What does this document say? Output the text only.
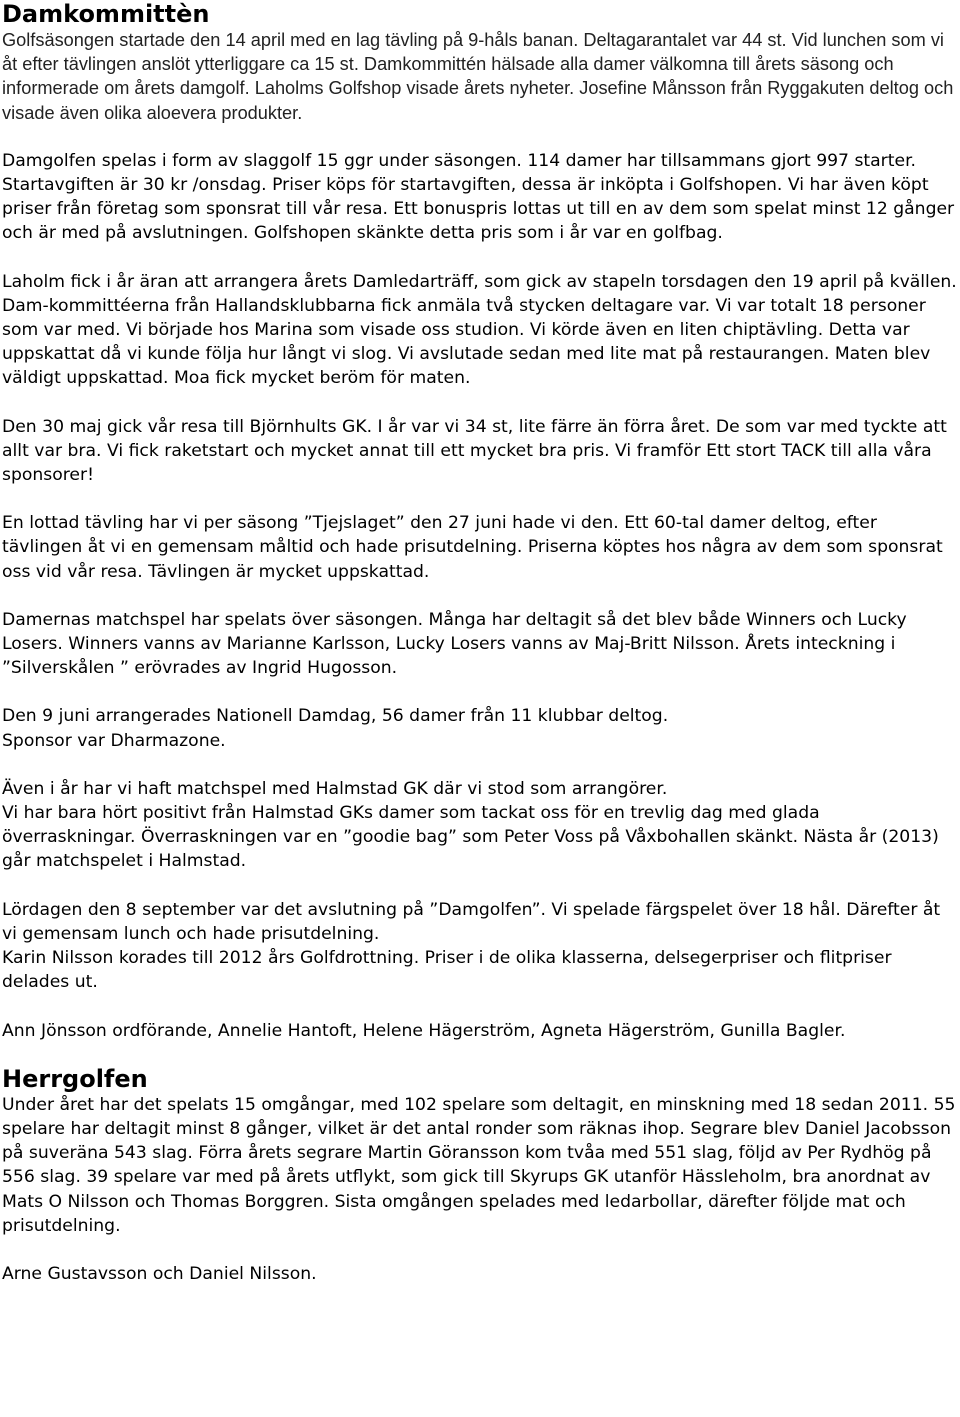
Damkommittèn

Golfsäsongen startade den 14 april med en lag tävling på 9-håls banan. Deltagarantalet var 44 st. Vid lunchen som vi åt efter tävlingen anslöt ytterliggare ca 15 st. Damkommittén hälsade alla damer välkomna till årets säsong och informerade om årets damgolf. Laholms Golfshop visade årets nyheter. Josefine Månsson från Ryggakuten deltog och visade även olika aloevera produkter.

Damgolfen spelas i form av slaggolf 15 ggr under säsongen. 114 damer har tillsammans gjort 997 starter. Startavgiften är 30 kr /onsdag. Priser köps för startavgiften, dessa är inköpta i Golfshopen. Vi har även köpt priser från företag som sponsrat till vår resa. Ett bonuspris lottas ut till en av dem som spelat minst 12 gånger och är med på avslutningen. Golfshopen skänkte detta pris som i år var en golfbag.

Laholm fick i år äran att arrangera årets Damledarträff, som gick av stapeln torsdagen den 19 april på kvällen. Dam-kommittéerna från Hallandsklubbarna fick anmäla två stycken deltagare var. Vi var totalt 18 personer som var med. Vi började hos Marina som visade oss studion. Vi körde även en liten chiptävling. Detta var uppskattat då vi kunde följa hur långt vi slog. Vi avslutade sedan med lite mat på restaurangen. Maten blev väldigt uppskattad. Moa fick mycket beröm för maten.

Den 30 maj gick vår resa till Björnhults GK. I år var vi 34 st, lite färre än förra året. De som var med tyckte att allt var bra. Vi fick raketstart och mycket annat till ett mycket bra pris. Vi framför Ett stort TACK till alla våra sponsorer!

En lottad tävling har vi per säsong ”Tjejslaget” den 27 juni hade vi den. Ett 60-tal damer deltog, efter tävlingen åt vi en gemensam måltid och hade prisutdelning. Priserna köptes hos några av dem som sponsrat oss vid vår resa. Tävlingen är mycket uppskattad.

Damernas matchspel har spelats över säsongen. Många har deltagit så det blev både Winners och Lucky Losers. Winners vanns av Marianne Karlsson, Lucky Losers vanns av Maj-Britt Nilsson. Årets inteckning i ”Silverskålen ” erövrades av Ingrid Hugosson.

Den 9 juni arrangerades Nationell Damdag, 56 damer från 11 klubbar deltog.
Sponsor var Dharmazone.

Även i år har vi haft matchspel med Halmstad GK där vi stod som arrangörer.
Vi har bara hört positivt från Halmstad GKs damer som tackat oss för en trevlig dag med glada överraskningar. Överraskningen var en ”goodie bag” som Peter Voss på Våxbohallen skänkt. Nästa år (2013) går matchspelet i Halmstad.

Lördagen den 8 september var det avslutning på ”Damgolfen”. Vi spelade färgspelet över 18 hål. Därefter åt vi gemensam lunch och hade prisutdelning.
Karin Nilsson korades till 2012 års Golfdrottning. Priser i de olika klasserna, delsegerpriser och flitpriser delades ut.

Ann Jönsson ordförande, Annelie Hantoft, Helene Hägerström, Agneta Hägerström, Gunilla Bagler.

Herrgolfen

Under året har det spelats 15 omgångar, med 102 spelare som deltagit, en minskning med 18 sedan 2011. 55 spelare har deltagit minst 8 gånger, vilket är det antal ronder som räknas ihop. Segrare blev Daniel Jacobsson på suveräna 543 slag. Förra årets segrare Martin Göransson kom tvåa med 551 slag, följd av Per Rydhög på 556 slag. 39 spelare var med på årets utflykt, som gick till Skyrups GK utanför Hässleholm, bra anordnat av Mats O Nilsson och Thomas Borggren. Sista omgången spelades med ledarbollar, därefter följde mat och prisutdelning.

Arne Gustavsson och Daniel Nilsson.
